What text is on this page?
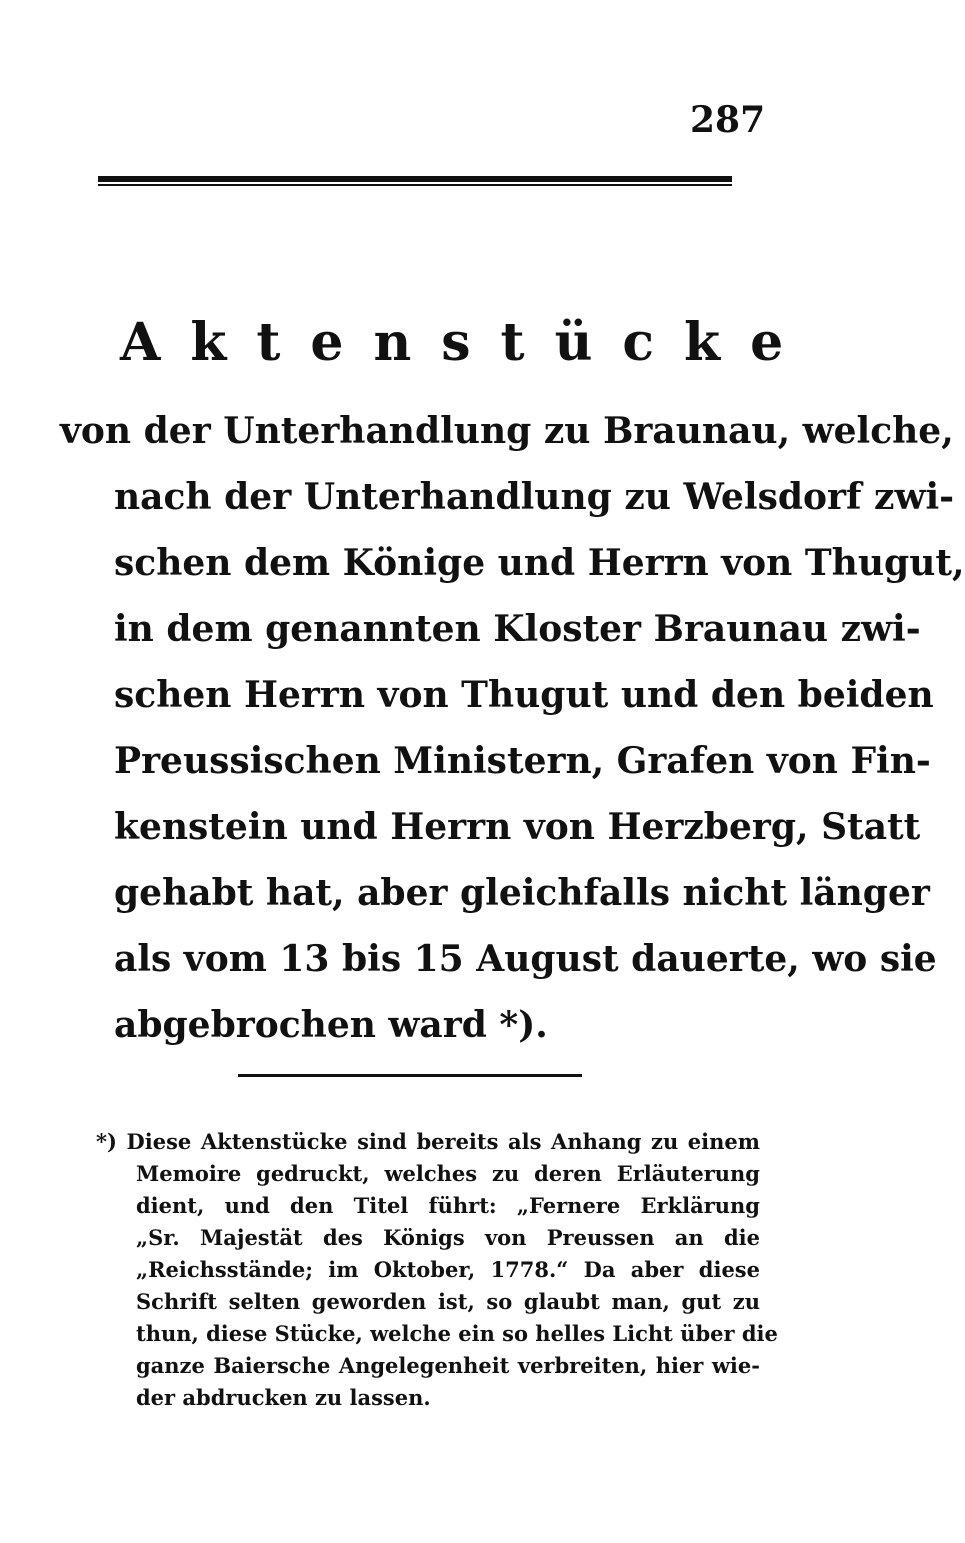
287
Aktenstücke
von der Unterhandlung zu Braunau, welche,
nach der Unterhandlung zu Welsdorf zwi-
schen dem Könige und Herrn von Thugut,
in dem genannten Kloster Braunau zwi-
schen Herrn von Thugut und den beiden
Preussischen Ministern, Grafen von Fin-
kenstein und Herrn von Herzberg, Statt
gehabt hat, aber gleichfalls nicht länger
als vom 13 bis 15 August dauerte, wo sie
abgebrochen ward *).
*) Diese Aktenstücke sind bereits als Anhang zu einem
Memoire gedruckt, welches zu deren Erläuterung
dient, und den Titel führt: „Fernere Erklärung
„Sr. Majestät des Königs von Preussen an die
„Reichsstände; im Oktober, 1778.“ Da aber diese
Schrift selten geworden ist, so glaubt man, gut zu
thun, diese Stücke, welche ein so helles Licht über die
ganze Baiersche Angelegenheit verbreiten, hier wie-
der abdrucken zu lassen.
